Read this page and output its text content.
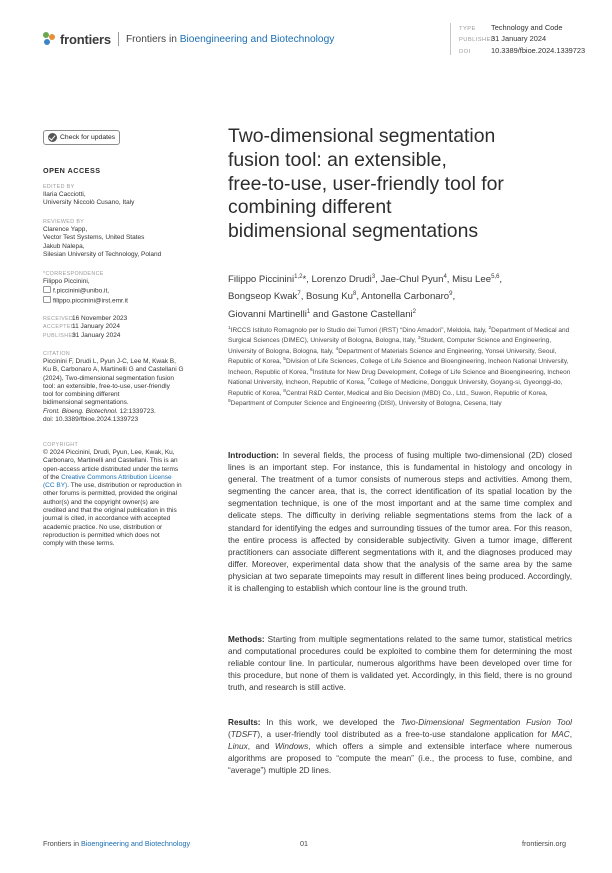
frontiers Frontiers in Bioengineering and Biotechnology
TYPE Technology and Code
PUBLISHED31 January 2024
DOI	10.3389/fbioe.2024.1339723
Check for updates
OPEN ACCESS
EDITED BY
Ilaria Cacciotti,
University Niccolò Cusano, Italy
REVIEWED BY
Clarence Yapp,
Vector Test Systems, United States
Jakub Nalepa,
Silesian University of Technology, Poland
*CORRESPONDENCE
Filippo Piccinini,
f.piccinini@unibo.it,
filippo.piccinini@irst.emr.it
RECEIVED16 November 2023
ACCEPTED11 January 2024
PUBLISHED31 January 2024
CITATION
Piccinini F, Drudi L, Pyun J-C, Lee M, Kwak B,
Ku B, Carbonaro A, Martinelli G and Castellani G
(2024), Two-dimensional segmentation fusion
tool: an extensible, free-to-use, user-friendly
tool for combining different
bidimensional segmentations.
Front. Bioeng. Biotechnol. 12:1339723.
doi: 10.3389/fbioe.2024.1339723
COPYRIGHT
© 2024 Piccinini, Drudi, Pyun, Lee, Kwak, Ku,
Carbonaro, Martinelli and Castellani. This is an
open-access article distributed under the terms
of the Creative Commons Attribution License
(CC BY). The use, distribution or reproduction in
other forums is permitted, provided the original
author(s) and the copyright owner(s) are
credited and that the original publication in this
journal is cited, in accordance with accepted
academic practice. No use, distribution or
reproduction is permitted which does not
comply with these terms.
Two-dimensional segmentation
fusion tool: an extensible,
free-to-use, user-friendly tool for
combining different
bidimensional segmentations
Filippo Piccinini$^{1,2}$*, Lorenzo Drudi$^3$, Jae-Chul Pyun$^4$, Misu Lee$^{5,6}$,
Bongseop Kwak$^7$, Bosung Ku$^8$, Antonella Carbonaro$^9$,
Giovanni Martinelli$^1$ and Gastone Castellani$^2$
$^1$IRCCS Istituto Romagnolo per lo Studio dei Tumori (IRST) “Dino Amadori”, Meldola, Italy, $^2$Department of Medical and Surgical Sciences (DIMEC), University of Bologna, Bologna, Italy, $^3$Student, Computer Science and Engineering, University of Bologna, Bologna, Italy, $^4$Department of Materials Science and Engineering, Yonsei University, Seoul, Republic of Korea, $^5$Division of Life Sciences, College of Life Science and Bioengineering, Incheon National University, Incheon, Republic of Korea, $^6$Institute for New Drug Development, College of Life Science and Bioengineering, Incheon National University, Incheon, Republic of Korea, $^7$College of Medicine, Dongguk University, Goyang-si, Gyeonggi-do, Republic of Korea, $^8$Central R&D Center, Medical and Bio Decision (MBD) Co., Ltd., Suwon, Republic of Korea, $^9$Department of Computer Science and Engineering (DISI), University of Bologna, Cesena, Italy
Introduction: In several fields, the process of fusing multiple two-dimensional (2D) closed lines is an important step. For instance, this is fundamental in histology and oncology in general. The treatment of a tumor consists of numerous steps and activities. Among them, segmenting the cancer area, that is, the correct identification of its spatial location by the segmentation technique, is one of the most important and at the same time complex and delicate steps. The difficulty in deriving reliable segmentations stems from the lack of a standard for identifying the edges and surrounding tissues of the tumor area. For this reason, the entire process is affected by considerable subjectivity. Given a tumor image, different practitioners can associate different segmentations with it, and the diagnoses produced may differ. Moreover, experimental data show that the analysis of the same area by the same physician at two separate timepoints may result in different lines being produced. Accordingly, it is challenging to establish which contour line is the ground truth.
Methods: Starting from multiple segmentations related to the same tumor, statistical metrics and computational procedures could be exploited to combine them for determining the most reliable contour line. In particular, numerous algorithms have been developed over time for this procedure, but none of them is validated yet. Accordingly, in this field, there is no ground truth, and research is still active.
Results: In this work, we developed the Two-Dimensional Segmentation Fusion Tool (TDSFT), a user-friendly tool distributed as a free-to-use standalone application for MAC, Linux, and Windows, which offers a simple and extensible interface where numerous algorithms are proposed to “compute the mean” (i.e., the process to fuse, combine, and “average”) multiple 2D lines.
Frontiers in Bioengineering and Biotechnology	01	frontiersin.org
